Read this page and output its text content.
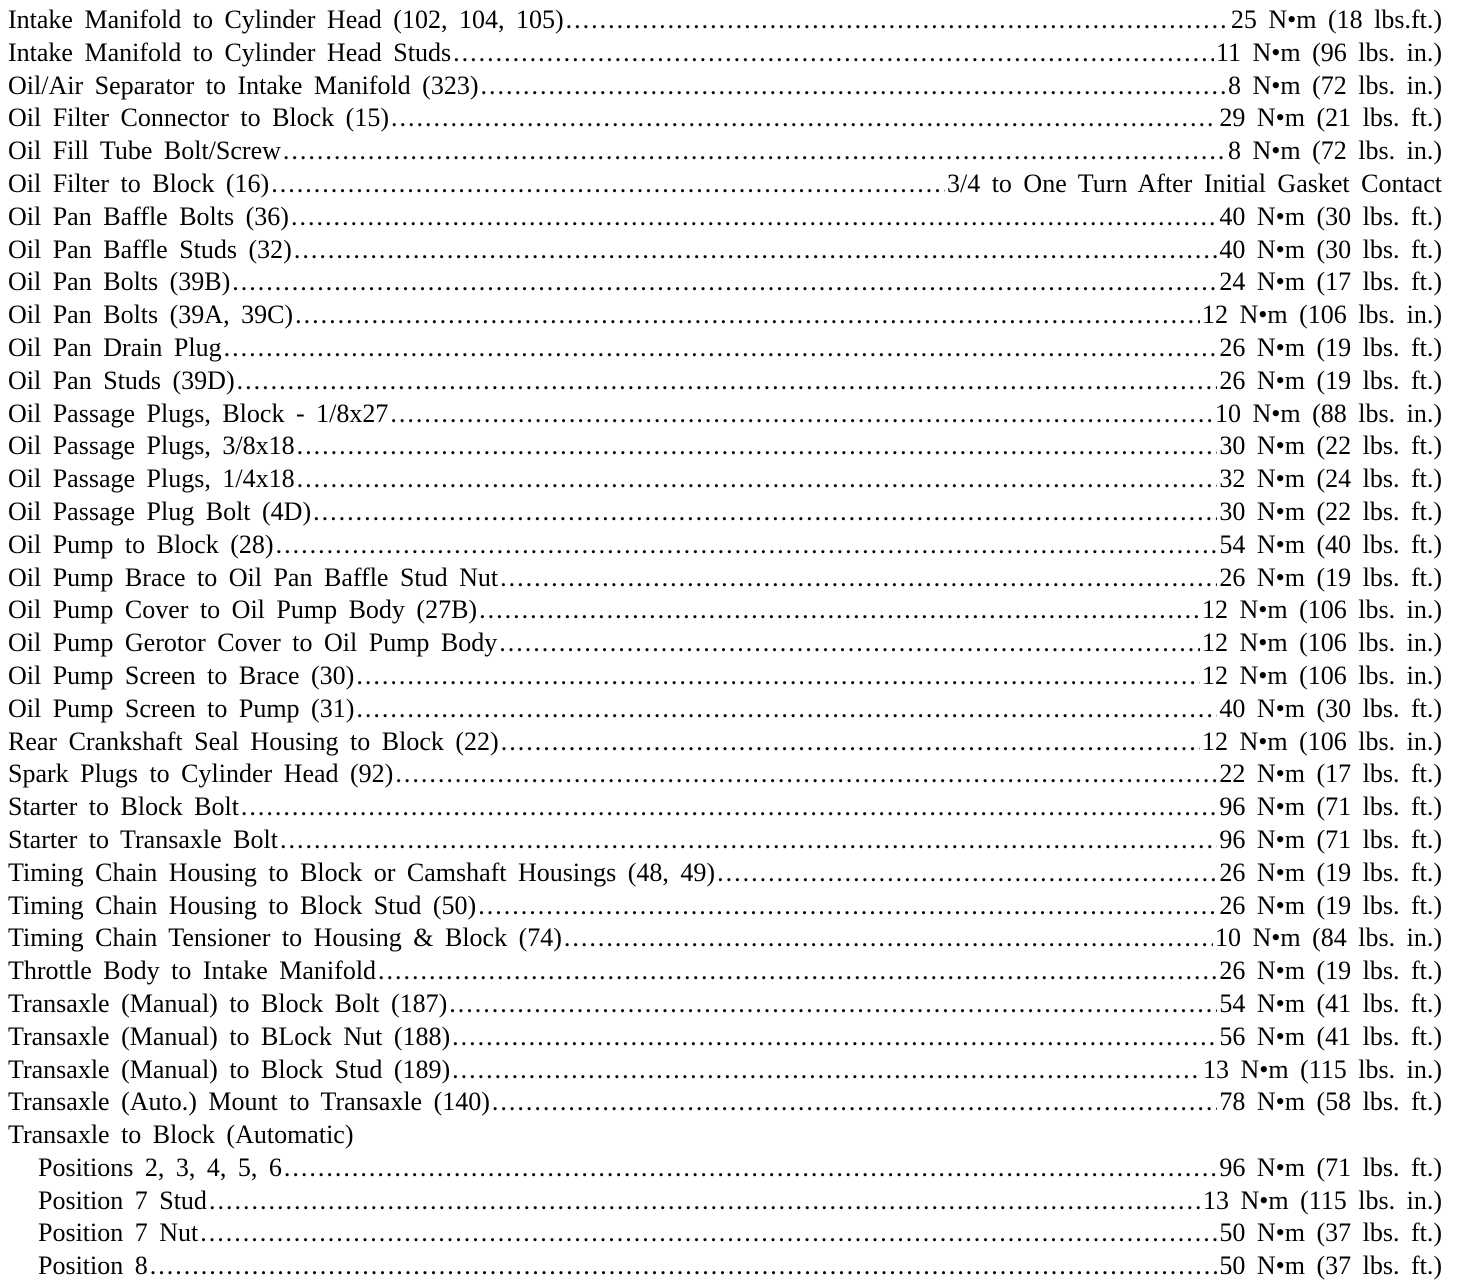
Intake Manifold to Cylinder Head (102, 104, 105) .....	25 N•m (18 lbs.ft.)
Intake Manifold to Cylinder Head Studs .....	11 N•m (96 lbs. in.)
Oil/Air Separator to Intake Manifold (323) .....	8 N•m (72 lbs. in.)
Oil Filter Connector to Block (15) .....	29 N•m (21 lbs. ft.)
Oil Fill Tube Bolt/Screw .....	8 N•m (72 lbs. in.)
Oil Filter to Block (16) .....	3/4 to One Turn After Initial Gasket Contact
Oil Pan Baffle Bolts (36) .....	40 N•m (30 lbs. ft.)
Oil Pan Baffle Studs (32) .....	40 N•m (30 lbs. ft.)
Oil Pan Bolts (39B) .....	24 N•m (17 lbs. ft.)
Oil Pan Bolts (39A, 39C) .....	12 N•m (106 lbs. in.)
Oil Pan Drain Plug .....	26 N•m (19 lbs. ft.)
Oil Pan Studs (39D) .....	26 N•m (19 lbs. ft.)
Oil Passage Plugs, Block - 1/8x27 .....	10 N•m (88 lbs. in.)
Oil Passage Plugs, 3/8x18 .....	30 N•m (22 lbs. ft.)
Oil Passage Plugs, 1/4x18 .....	32 N•m (24 lbs. ft.)
Oil Passage Plug Bolt (4D) .....	30 N•m (22 lbs. ft.)
Oil Pump to Block (28) .....	54 N•m (40 lbs. ft.)
Oil Pump Brace to Oil Pan Baffle Stud Nut .....	26 N•m (19 lbs. ft.)
Oil Pump Cover to Oil Pump Body (27B) .....	12 N•m (106 lbs. in.)
Oil Pump Gerotor Cover to Oil Pump Body .....	12 N•m (106 lbs. in.)
Oil Pump Screen to Brace (30) .....	12 N•m (106 lbs. in.)
Oil Pump Screen to Pump (31) .....	40 N•m (30 lbs. ft.)
Rear Crankshaft Seal Housing to Block (22) .....	12 N•m (106 lbs. in.)
Spark Plugs to Cylinder Head (92) .....	22 N•m (17 lbs. ft.)
Starter to Block Bolt .....	96 N•m (71 lbs. ft.)
Starter to Transaxle Bolt .....	96 N•m (71 lbs. ft.)
Timing Chain Housing to Block or Camshaft Housings (48, 49) .....	26 N•m (19 lbs. ft.)
Timing Chain Housing to Block Stud (50) .....	26 N•m (19 lbs. ft.)
Timing Chain Tensioner to Housing & Block (74) .....	10 N•m (84 lbs. in.)
Throttle Body to Intake Manifold .....	26 N•m (19 lbs. ft.)
Transaxle (Manual) to Block Bolt (187) .....	54 N•m (41 lbs. ft.)
Transaxle (Manual) to BLock Nut (188) .....	56 N•m (41 lbs. ft.)
Transaxle (Manual) to Block Stud (189) .....	13 N•m (115 lbs. in.)
Transaxle (Auto.) Mount to Transaxle (140) .....	78 N•m (58 lbs. ft.)
Transaxle to Block (Automatic)
Positions 2, 3, 4, 5, 6 .....	96 N•m (71 lbs. ft.)
Position 7 Stud .....	13 N•m (115 lbs. in.)
Position 7 Nut .....	50 N•m (37 lbs. ft.)
Position 8 .....	50 N•m (37 lbs. ft.)
